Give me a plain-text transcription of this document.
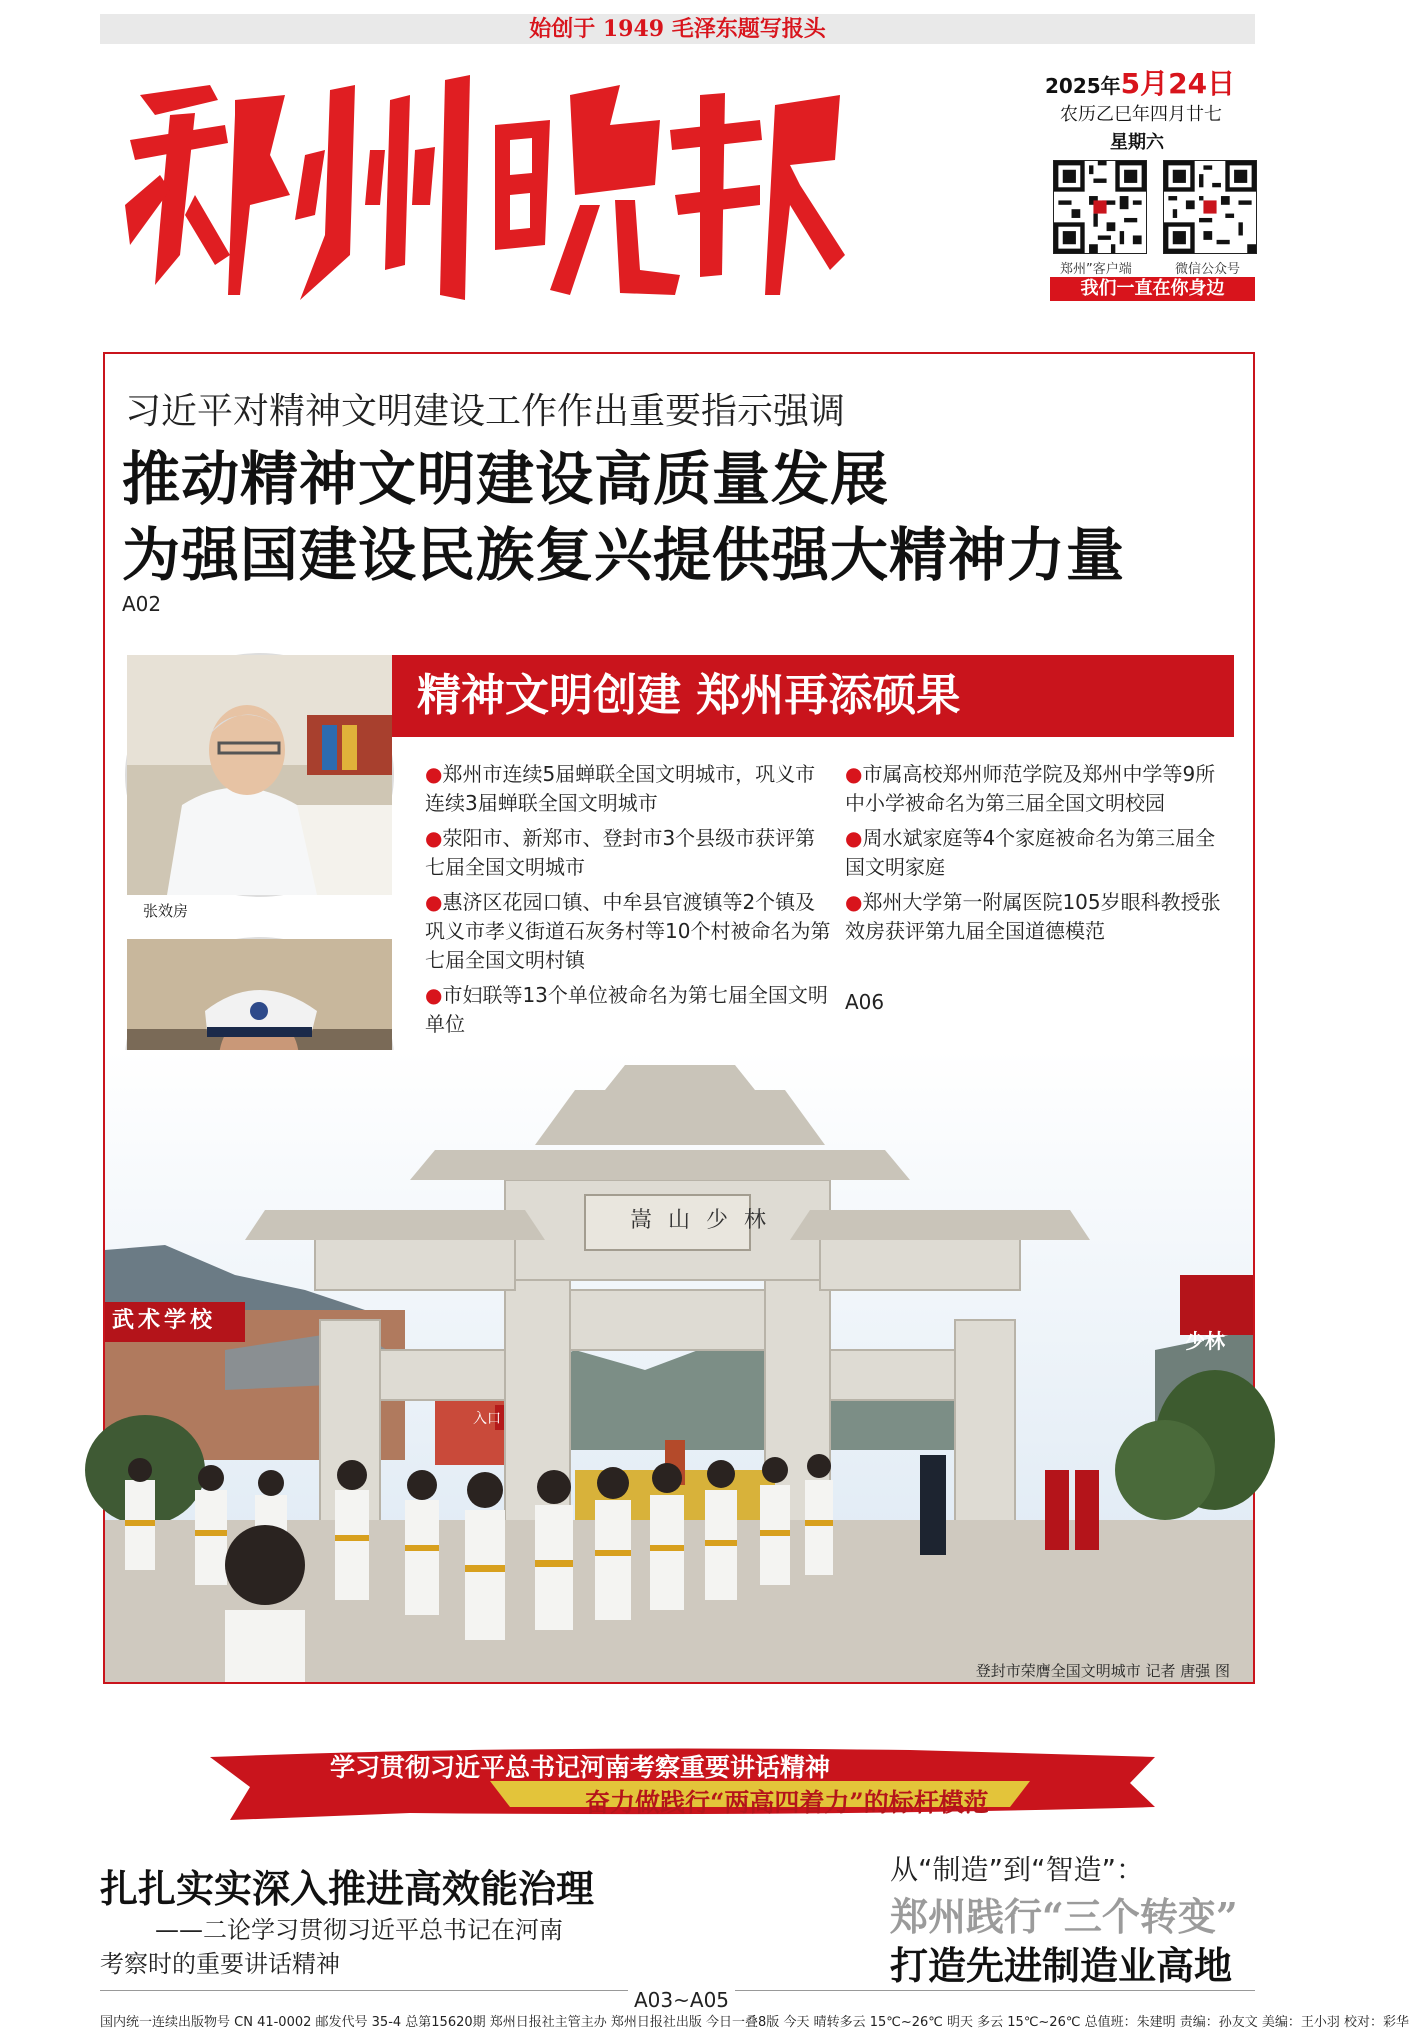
始创于 1949 毛泽东题写报头
2025年5月24日
农历乙巳年四月廿七
星期六
郑州”客户端	微信公众号
我们一直在你身边
习近平对精神文明建设工作作出重要指示强调
推动精神文明建设高质量发展
为强国建设民族复兴提供强大精神力量
A02
精神文明创建 郑州再添硕果
张效房

●郑州市连续5届蝉联全国文明城市，巩义市连续3届蝉联全国文明城市

●荥阳市、新郑市、登封市3个县级市获评第七届全国文明城市

●惠济区花园口镇、中牟县官渡镇等2个镇及巩义市孝义街道石灰务村等10个村被命名为第七届全国文明村镇

●市妇联等13个单位被命名为第七届全国文明单位

●市属高校郑州师范学院及郑州中学等9所中小学被命名为第三届全国文明校园

●周水斌家庭等4个家庭被命名为第三届全国文明家庭

●郑州大学第一附属医院105岁眼科教授张效房获评第九届全国道德模范

A06
嵩山少林
武术学校
少林
入口
登封市荣膺全国文明城市 记者 唐强 图
学习贯彻习近平总书记河南考察重要讲话精神
奋力做践行“两高四着力”的标杆模范
扎扎实实深入推进高效能治理
——二论学习贯彻习近平总书记在河南
考察时的重要讲话精神
从“制造”到“智造”：
郑州践行“三个转变”
打造先进制造业高地
A03~A05
国内统一连续出版物号 CN 41-0002 邮发代号 35-4 总第15620期 郑州日报社主管主办 郑州日报社出版 今日一叠8版 今天 晴转多云 15℃~26℃ 明天 多云 15℃~26℃ 总值班：朱建明 责编：孙友文 美编：王小羽 校对：彩华
